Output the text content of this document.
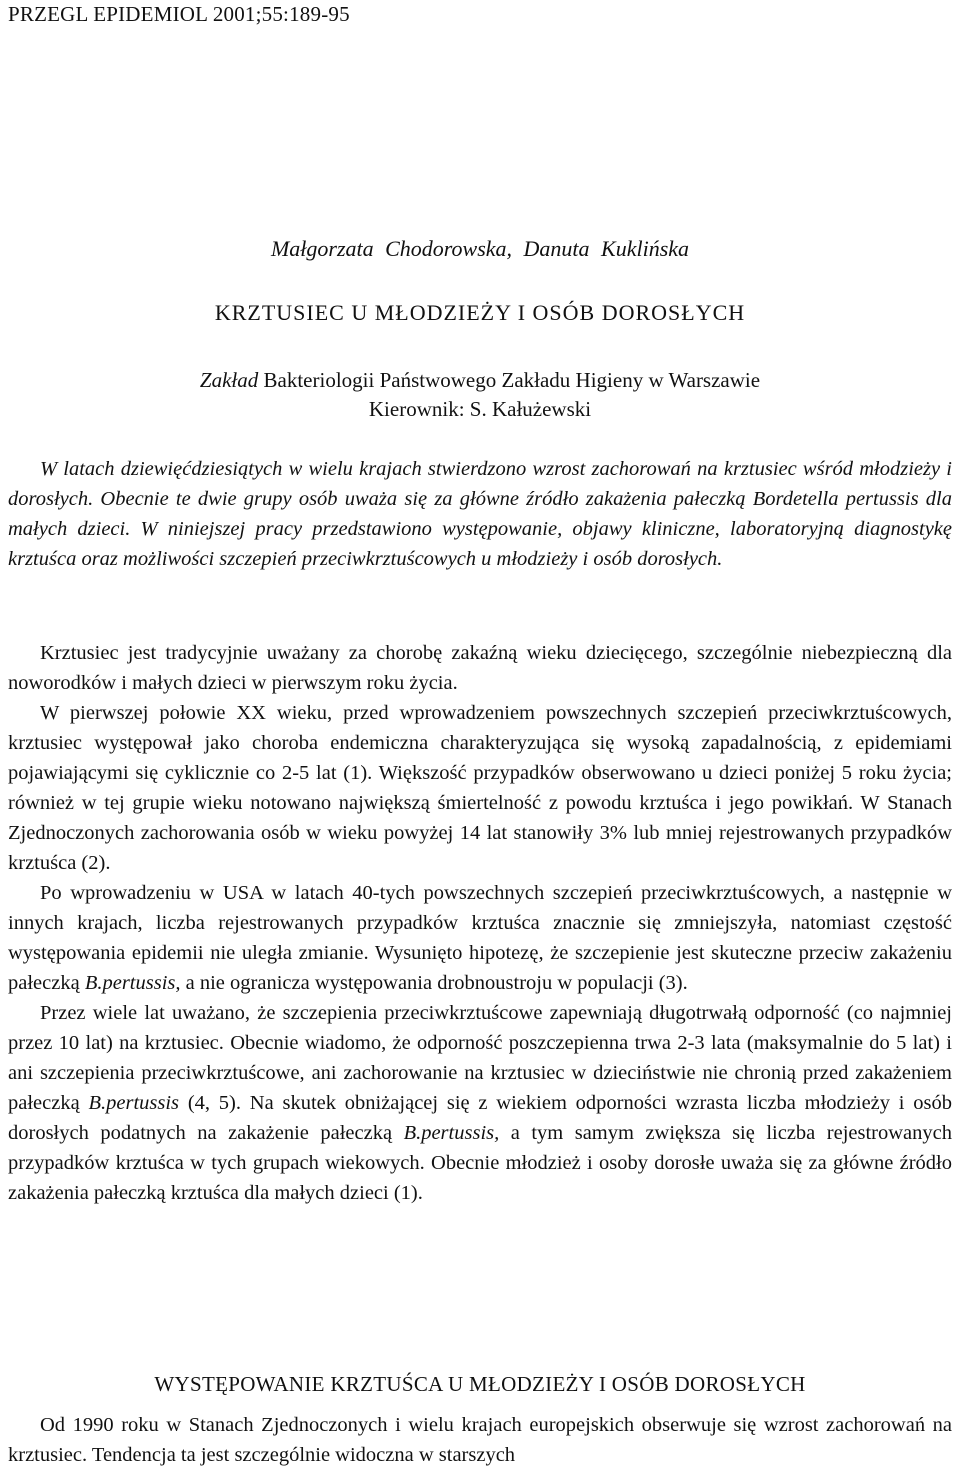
PRZEGL EPIDEMIOL 2001;55:189-95
Małgorzata Chodorowska, Danuta Kuklińska
KRZTUSIEC U MŁODZIEŻY I OSÓB DOROSŁYCH
Zakład Bakteriologii Państwowego Zakładu Higieny w Warszawie
Kierownik: S. Kałużewski

W latach dziewięćdziesiątych w wielu krajach stwierdzono wzrost zachorowań na krztusiec wśród młodzieży i dorosłych. Obecnie te dwie grupy osób uważa się za główne źródło zakażenia pałeczką Bordetella pertussis dla małych dzieci. W niniejszej pracy przedstawiono występowanie, objawy kliniczne, laboratoryjną diagnostykę krztuśca oraz możliwości szczepień przeciwkrztuścowych u młodzieży i osób dorosłych.

Krztusiec jest tradycyjnie uważany za chorobę zakaźną wieku dziecięcego, szczególnie niebezpieczną dla noworodków i małych dzieci w pierwszym roku życia.

W pierwszej połowie XX wieku, przed wprowadzeniem powszechnych szczepień przeciwkrztuścowych, krztusiec występował jako choroba endemiczna charakteryzująca się wysoką zapadalnością, z epidemiami pojawiającymi się cyklicznie co 2-5 lat (1). Większość przypadków obserwowano u dzieci poniżej 5 roku życia; również w tej grupie wieku notowano największą śmiertelność z powodu krztuśca i jego powikłań. W Stanach Zjednoczonych zachorowania osób w wieku powyżej 14 lat stanowiły 3% lub mniej rejestrowanych przypadków krztuśca (2).

Po wprowadzeniu w USA w latach 40-tych powszechnych szczepień przeciwkrztuścowych, a następnie w innych krajach, liczba rejestrowanych przypadków krztuśca znacznie się zmniejszyła, natomiast częstość występowania epidemii nie uległa zmianie. Wysunięto hipotezę, że szczepienie jest skuteczne przeciw zakażeniu pałeczką B.pertussis, a nie ogranicza występowania drobnoustroju w populacji (3).

Przez wiele lat uważano, że szczepienia przeciwkrztuścowe zapewniają długotrwałą odporność (co najmniej przez 10 lat) na krztusiec. Obecnie wiadomo, że odporność poszczepienna trwa 2-3 lata (maksymalnie do 5 lat) i ani szczepienia przeciwkrztuścowe, ani zachorowanie na krztusiec w dzieciństwie nie chronią przed zakażeniem pałeczką B.pertussis (4, 5). Na skutek obniżającej się z wiekiem odporności wzrasta liczba młodzieży i osób dorosłych podatnych na zakażenie pałeczką B.pertussis, a tym samym zwiększa się liczba rejestrowanych przypadków krztuśca w tych grupach wiekowych. Obecnie młodzież i osoby dorosłe uważa się za główne źródło zakażenia pałeczką krztuśca dla małych dzieci (1).

WYSTĘPOWANIE KRZTUŚCA U MŁODZIEŻY I OSÓB DOROSŁYCH

Od 1990 roku w Stanach Zjednoczonych i wielu krajach europejskich obserwuje się wzrost zachorowań na krztusiec. Tendencja ta jest szczególnie widoczna w starszych
